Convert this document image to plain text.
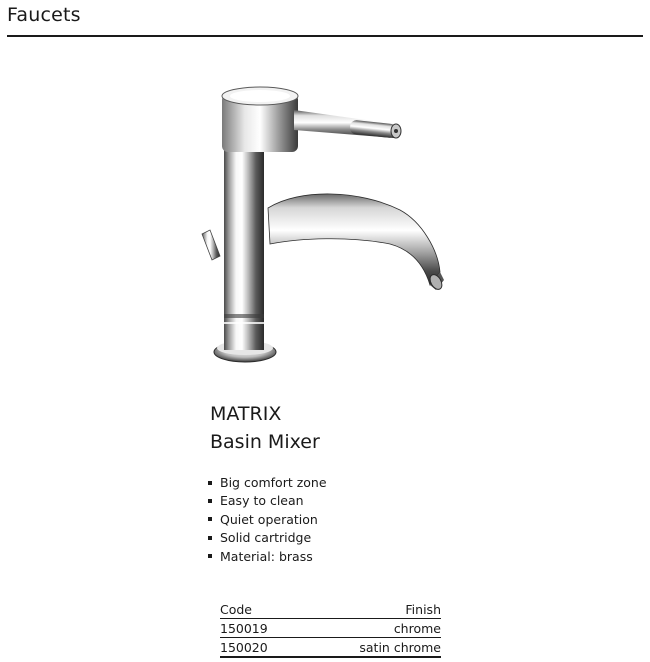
Faucets
MATRIX
Basin Mixer
Big comfort zone
Easy to clean
Quiet operation
Solid cartridge
Material: brass
Code	Finish
150019	chrome
150020	satin chrome
